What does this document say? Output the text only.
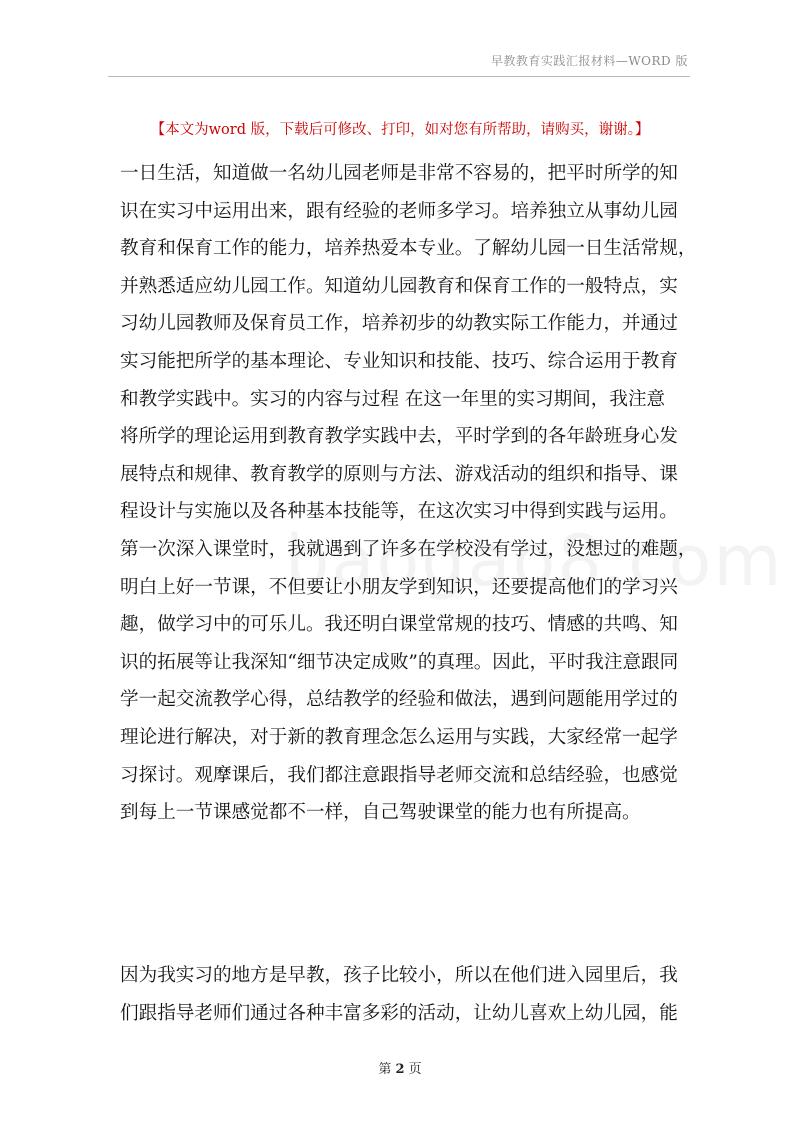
早教教育实践汇报材料—WORD 版
【本文为word 版，下载后可修改、打印，如对您有所帮助，请购买，谢谢。】
一日生活，知道做一名幼儿园老师是非常不容易的，把平时所学的知
识在实习中运用出来，跟有经验的老师多学习。培养独立从事幼儿园
教育和保育工作的能力，培养热爱本专业。了解幼儿园一日生活常规，
并熟悉适应幼儿园工作。知道幼儿园教育和保育工作的一般特点，实
习幼儿园教师及保育员工作，培养初步的幼教实际工作能力，并通过
实习能把所学的基本理论、专业知识和技能、技巧、综合运用于教育
和教学实践中。实习的内容与过程 在这一年里的实习期间，我注意
将所学的理论运用到教育教学实践中去，平时学到的各年龄班身心发
展特点和规律、教育教学的原则与方法、游戏活动的组织和指导、课
程设计与实施以及各种基本技能等，在这次实习中得到实践与运用。
第一次深入课堂时，我就遇到了许多在学校没有学过，没想过的难题，
明白上好一节课，不但要让小朋友学到知识，还要提高他们的学习兴
趣，做学习中的可乐儿。我还明白课堂常规的技巧、情感的共鸣、知
识的拓展等让我深知“细节决定成败”的真理。因此，平时我注意跟同
学一起交流教学心得，总结教学的经验和做法，遇到问题能用学过的
理论进行解决，对于新的教育理念怎么运用与实践，大家经常一起学
习探讨。观摩课后，我们都注意跟指导老师交流和总结经验，也感觉
到每上一节课感觉都不一样，自己驾驶课堂的能力也有所提高。
因为我实习的地方是早教，孩子比较小，所以在他们进入园里后，我
们跟指导老师们通过各种丰富多彩的活动，让幼儿喜欢上幼儿园，能
第 2 页
